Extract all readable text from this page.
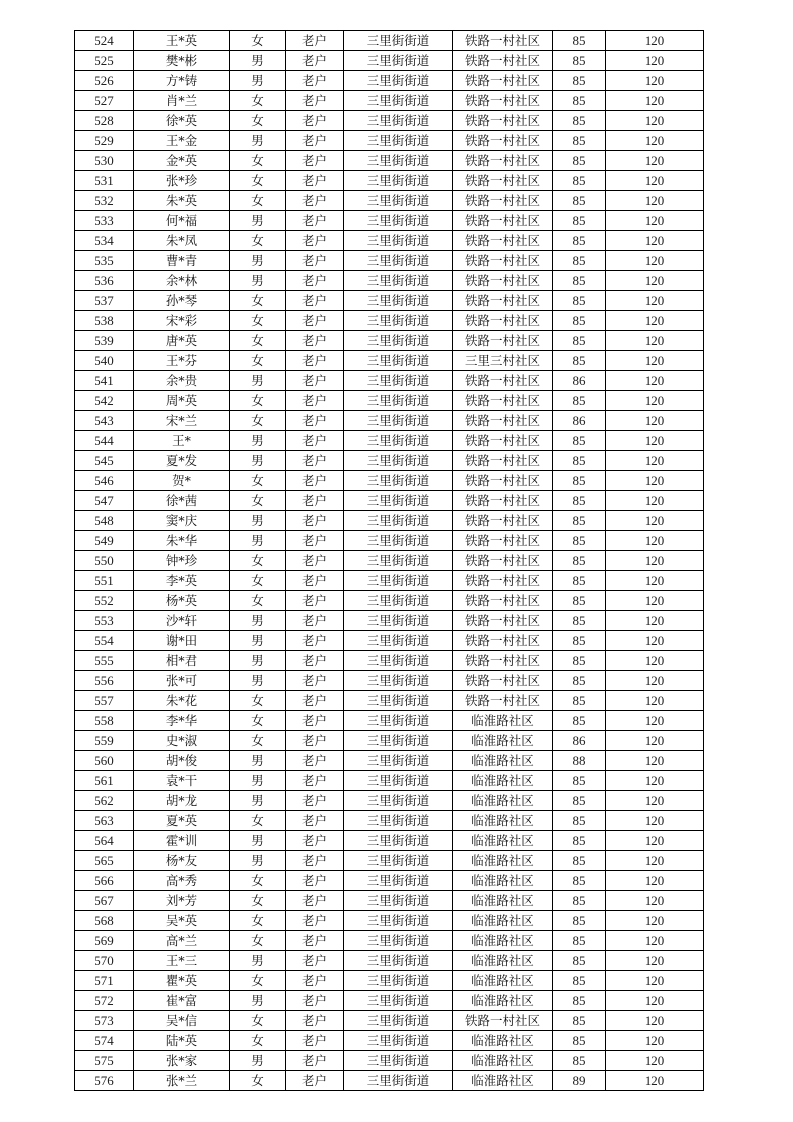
524	王*英	女	老户	三里街街道	铁路一村社区	85	120
525	樊*彬	男	老户	三里街街道	铁路一村社区	85	120
526	方*铸	男	老户	三里街街道	铁路一村社区	85	120
527	肖*兰	女	老户	三里街街道	铁路一村社区	85	120
528	徐*英	女	老户	三里街街道	铁路一村社区	85	120
529	王*金	男	老户	三里街街道	铁路一村社区	85	120
530	金*英	女	老户	三里街街道	铁路一村社区	85	120
531	张*珍	女	老户	三里街街道	铁路一村社区	85	120
532	朱*英	女	老户	三里街街道	铁路一村社区	85	120
533	何*福	男	老户	三里街街道	铁路一村社区	85	120
534	朱*凤	女	老户	三里街街道	铁路一村社区	85	120
535	曹*青	男	老户	三里街街道	铁路一村社区	85	120
536	余*林	男	老户	三里街街道	铁路一村社区	85	120
537	孙*琴	女	老户	三里街街道	铁路一村社区	85	120
538	宋*彩	女	老户	三里街街道	铁路一村社区	85	120
539	唐*英	女	老户	三里街街道	铁路一村社区	85	120
540	王*芬	女	老户	三里街街道	三里三村社区	85	120
541	余*贵	男	老户	三里街街道	铁路一村社区	86	120
542	周*英	女	老户	三里街街道	铁路一村社区	85	120
543	宋*兰	女	老户	三里街街道	铁路一村社区	86	120
544	王*	男	老户	三里街街道	铁路一村社区	85	120
545	夏*发	男	老户	三里街街道	铁路一村社区	85	120
546	贺*	女	老户	三里街街道	铁路一村社区	85	120
547	徐*茜	女	老户	三里街街道	铁路一村社区	85	120
548	窦*庆	男	老户	三里街街道	铁路一村社区	85	120
549	朱*华	男	老户	三里街街道	铁路一村社区	85	120
550	钟*珍	女	老户	三里街街道	铁路一村社区	85	120
551	李*英	女	老户	三里街街道	铁路一村社区	85	120
552	杨*英	女	老户	三里街街道	铁路一村社区	85	120
553	沙*轩	男	老户	三里街街道	铁路一村社区	85	120
554	谢*田	男	老户	三里街街道	铁路一村社区	85	120
555	相*君	男	老户	三里街街道	铁路一村社区	85	120
556	张*可	男	老户	三里街街道	铁路一村社区	85	120
557	朱*花	女	老户	三里街街道	铁路一村社区	85	120
558	李*华	女	老户	三里街街道	临淮路社区	85	120
559	史*淑	女	老户	三里街街道	临淮路社区	86	120
560	胡*俊	男	老户	三里街街道	临淮路社区	88	120
561	袁*干	男	老户	三里街街道	临淮路社区	85	120
562	胡*龙	男	老户	三里街街道	临淮路社区	85	120
563	夏*英	女	老户	三里街街道	临淮路社区	85	120
564	霍*训	男	老户	三里街街道	临淮路社区	85	120
565	杨*友	男	老户	三里街街道	临淮路社区	85	120
566	高*秀	女	老户	三里街街道	临淮路社区	85	120
567	刘*芳	女	老户	三里街街道	临淮路社区	85	120
568	吴*英	女	老户	三里街街道	临淮路社区	85	120
569	高*兰	女	老户	三里街街道	临淮路社区	85	120
570	王*三	男	老户	三里街街道	临淮路社区	85	120
571	瞿*英	女	老户	三里街街道	临淮路社区	85	120
572	崔*富	男	老户	三里街街道	临淮路社区	85	120
573	吴*信	女	老户	三里街街道	铁路一村社区	85	120
574	陆*英	女	老户	三里街街道	临淮路社区	85	120
575	张*家	男	老户	三里街街道	临淮路社区	85	120
576	张*兰	女	老户	三里街街道	临淮路社区	89	120
